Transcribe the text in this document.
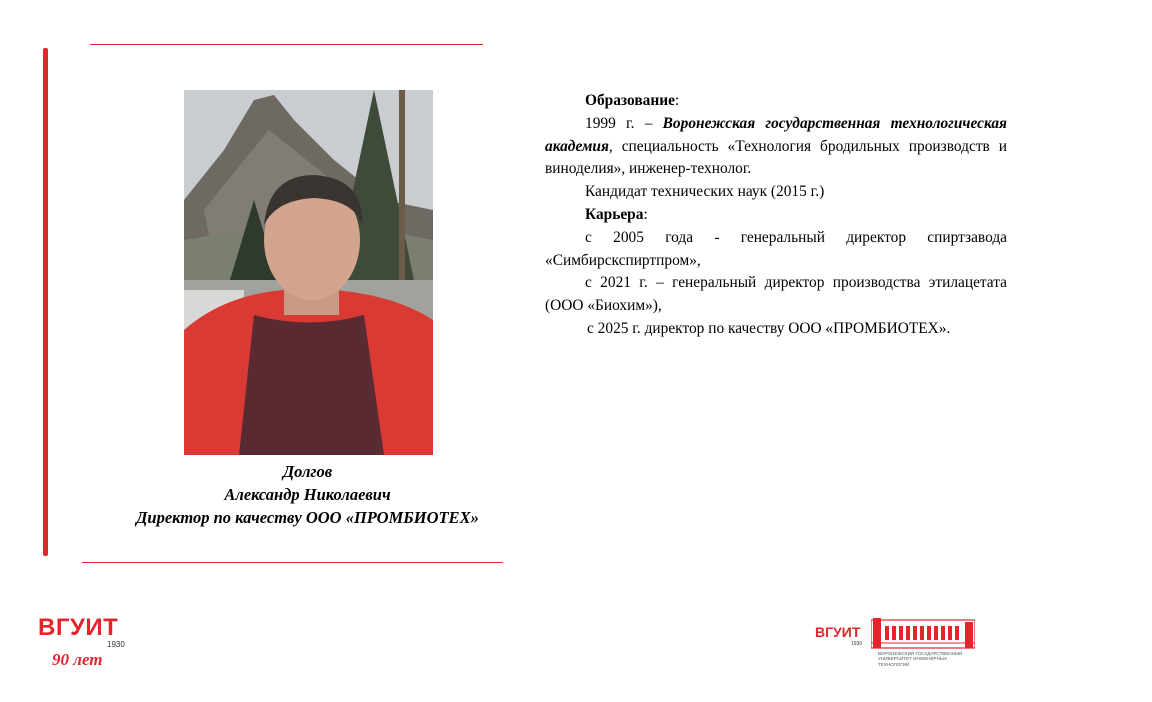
Долгов
Александр Николаевич
Директор по качеству ООО «ПРОМБИОТЕХ»

Образование:

1999 г. – Воронежская государственная технологическая академия, специальность «Технология бродильных производств и виноделия», инженер-технолог.

Кандидат технических наук (2015 г.)

Карьера:

с 2005 года - генеральный директор спиртзавода «Симбирскспиртпром»,

с 2021 г. – генеральный директор производства этилацетата (ООО «Биохим»),

с 2025 г. директор по качеству ООО «ПРОМБИОТЕХ».

ВГУИТ
1930
90 лет
ВГУИТ
1930
ВОРОНЕЖСКИЙ ГОСУДАРСТВЕННЫЙ УНИВЕРСИТЕТ ИНЖЕНЕРНЫХ ТЕХНОЛОГИЙ
